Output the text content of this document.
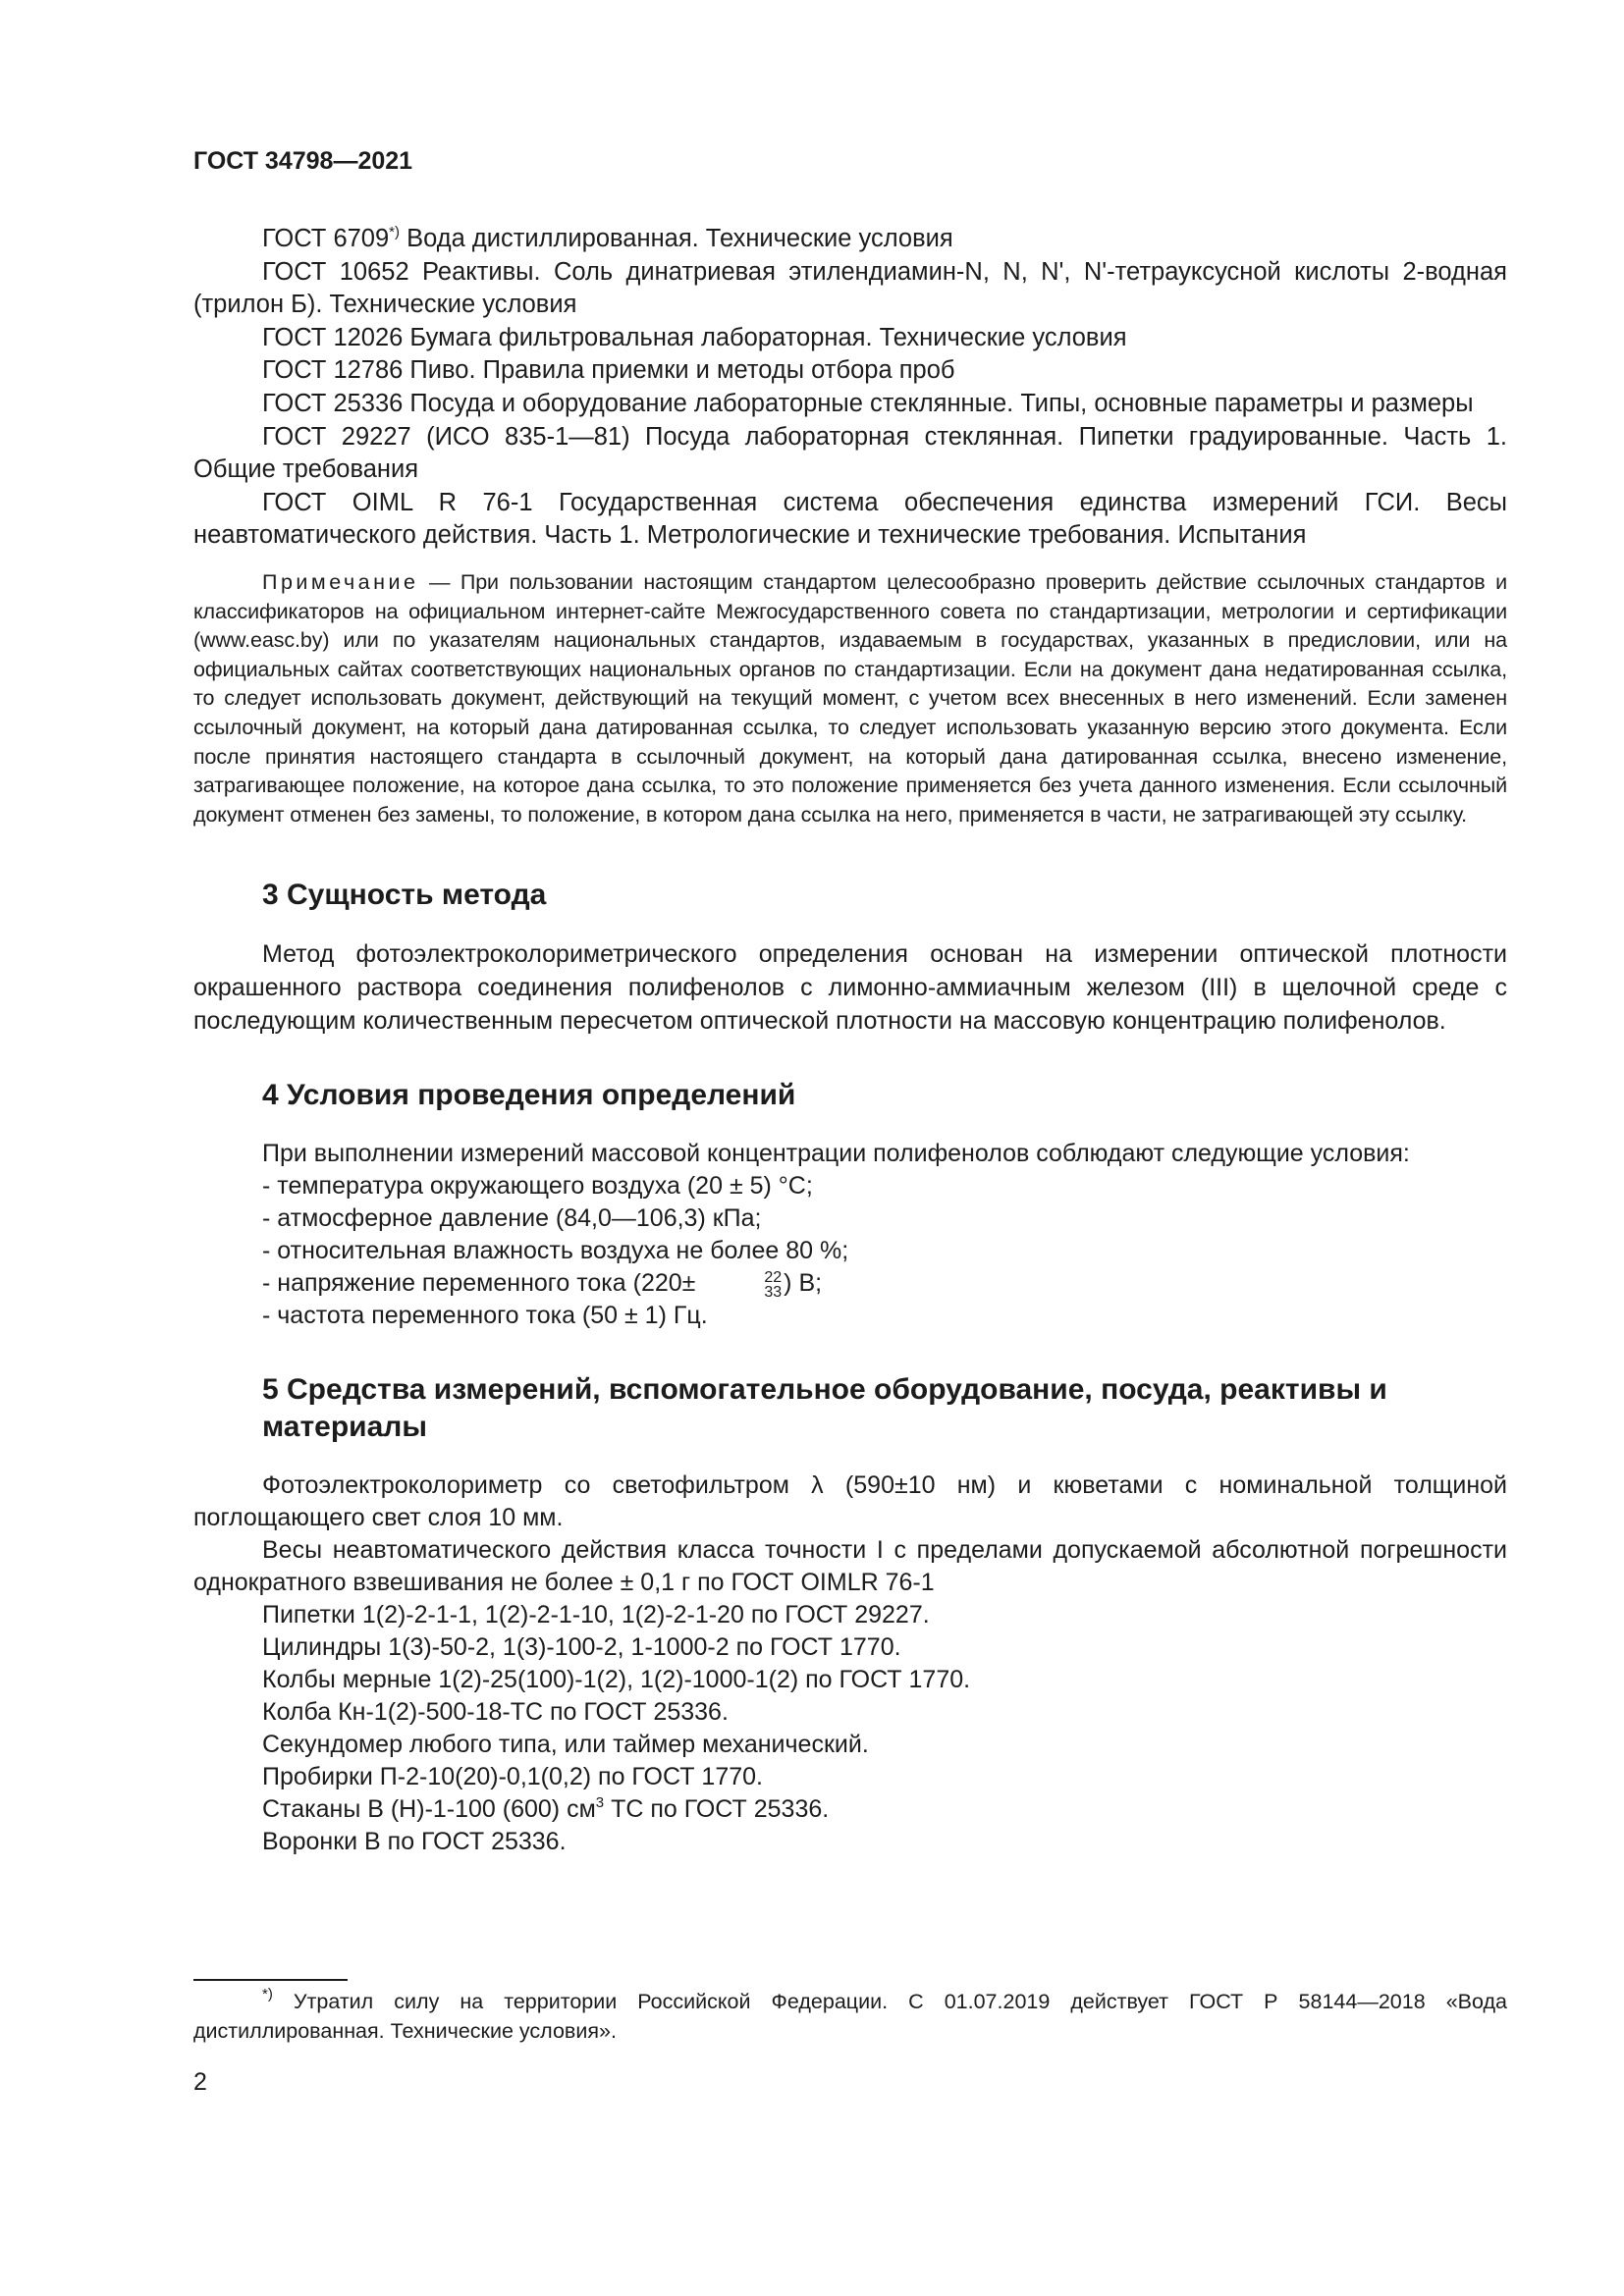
ГОСТ 34798—2021

ГОСТ 6709*) Вода дистиллированная. Технические условия

ГОСТ 10652 Реактивы. Соль динатриевая этилендиамин-N, N, N', N'-тетрауксусной кислоты 2-водная (трилон Б). Технические условия

ГОСТ 12026 Бумага фильтровальная лабораторная. Технические условия

ГОСТ 12786 Пиво. Правила приемки и методы отбора проб

ГОСТ 25336 Посуда и оборудование лабораторные стеклянные. Типы, основные параметры и размеры

ГОСТ 29227 (ИСО 835-1—81) Посуда лабораторная стеклянная. Пипетки градуированные. Часть 1. Общие требования

ГОСТ OIML R 76-1 Государственная система обеспечения единства измерений ГСИ. Весы неавтоматического действия. Часть 1. Метрологические и технические требования. Испытания

Примечание — При пользовании настоящим стандартом целесообразно проверить действие ссылочных стандартов и классификаторов на официальном интернет-сайте Межгосударственного совета по стандартизации, метрологии и сертификации (www.easc.by) или по указателям национальных стандартов, издаваемым в государствах, указанных в предисловии, или на официальных сайтах соответствующих национальных органов по стандартизации. Если на документ дана недатированная ссылка, то следует использовать документ, действующий на текущий момент, с учетом всех внесенных в него изменений. Если заменен ссылочный документ, на который дана датированная ссылка, то следует использовать указанную версию этого документа. Если после принятия настоящего стандарта в ссылочный документ, на который дана датированная ссылка, внесено изменение, затрагивающее положение, на которое дана ссылка, то это положение применяется без учета данного изменения. Если ссылочный документ отменен без замены, то положение, в котором дана ссылка на него, применяется в части, не затрагивающей эту ссылку.

3 Сущность метода

Метод фотоэлектроколориметрического определения основан на измерении оптической плотности окрашенного раствора соединения полифенолов с лимонно-аммиачным железом (III) в щелочной среде с последующим количественным пересчетом оптической плотности на массовую концентрацию полифенолов.

4 Условия проведения определений

При выполнении измерений массовой концентрации полифенолов соблюдают следующие условия:

- температура окружающего воздуха (20 ± 5) °С;

- атмосферное давление (84,0—106,3) кПа;

- относительная влажность воздуха не более 80 %;

- напряжение переменного тока (220±	22
33 ) В;

- частота переменного тока (50 ± 1) Гц.

5 Средства измерений, вспомогательное оборудование, посуда, реактивы и материалы

Фотоэлектроколориметр со светофильтром λ (590±10 нм) и кюветами с номинальной толщиной поглощающего свет слоя 10 мм.

Весы неавтоматического действия класса точности I с пределами допускаемой абсолютной погрешности однократного взвешивания не более ± 0,1 г по ГОСТ OIMLR 76-1

Пипетки 1(2)-2-1-1, 1(2)-2-1-10, 1(2)-2-1-20 по ГОСТ 29227.

Цилиндры 1(3)-50-2, 1(3)-100-2, 1-1000-2 по ГОСТ 1770.

Колбы мерные 1(2)-25(100)-1(2), 1(2)-1000-1(2) по ГОСТ 1770.

Колба Кн-1(2)-500-18-ТС по ГОСТ 25336.

Секундомер любого типа, или таймер механический.

Пробирки П-2-10(20)-0,1(0,2) по ГОСТ 1770.

Стаканы В (Н)-1-100 (600) $см^3$ ТС по ГОСТ 25336.

Воронки В по ГОСТ 25336.

*) Утратил силу на территории Российской Федерации. С 01.07.2019 действует ГОСТ Р 58144—2018 «Вода дистиллированная. Технические условия».

2
